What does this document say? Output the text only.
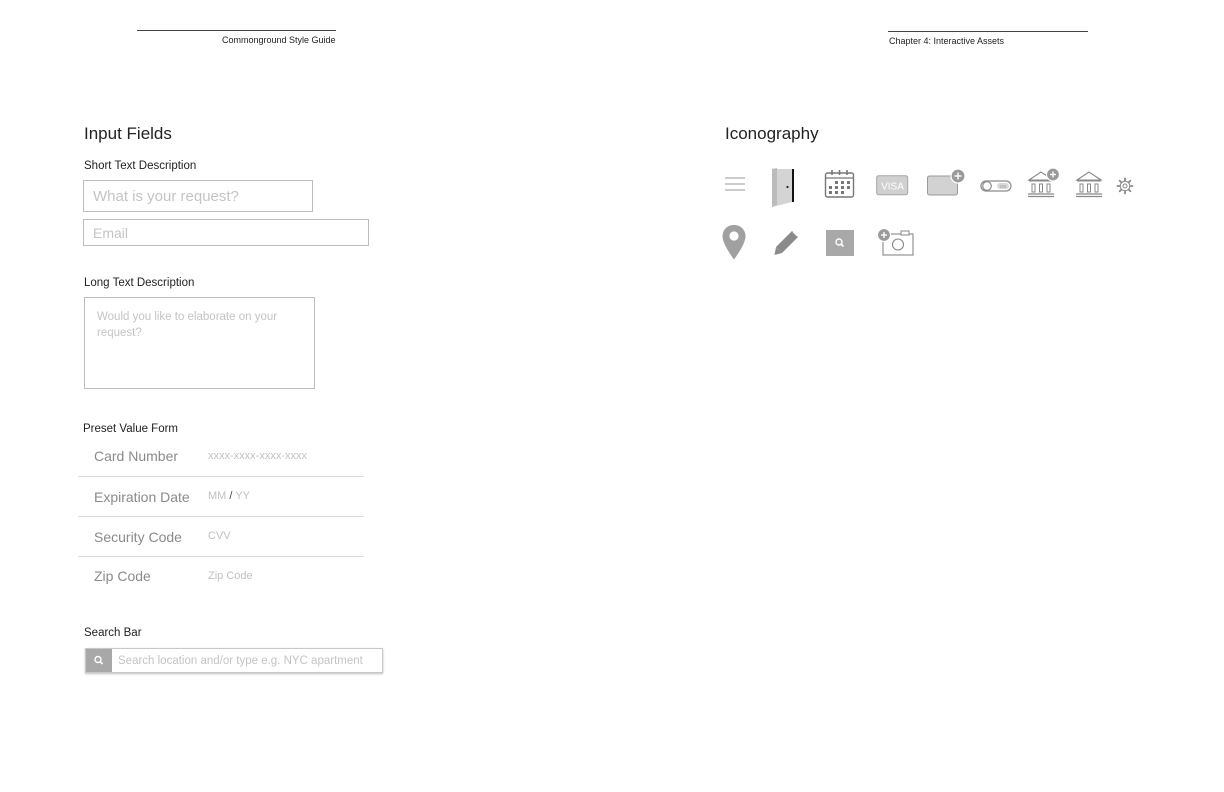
Commonground Style Guide	Chapter 4: Interactive Assets
Input Fields
Short Text Description
What is your request?
Email
Long Text Description
Would you like to elaborate on your request?
Preset Value Form
Card Number	xxxx-xxxx-xxxx-xxxx
Expiration Date MM / YY
Security Code CVV
Zip Code	Zip Code
Search Bar
Search location and/or type e.g. NYC apartment
Iconography
VISA	ON
